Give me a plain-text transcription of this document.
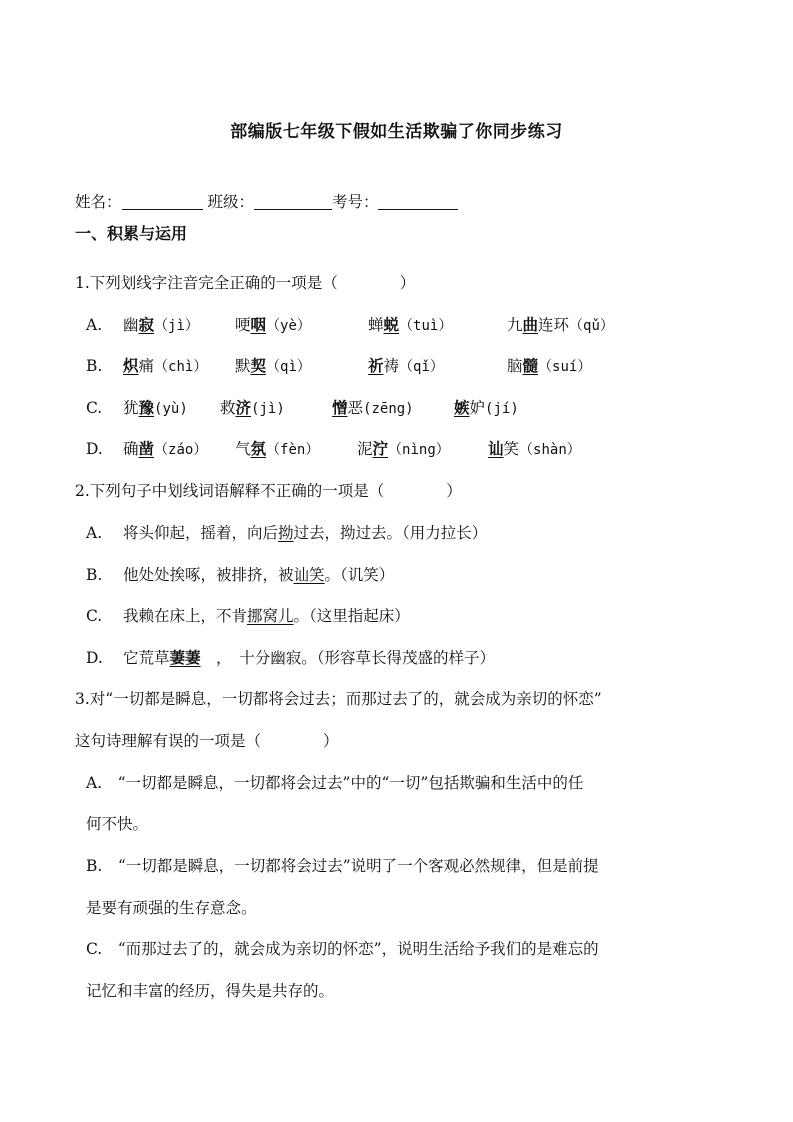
部编版七年级下假如生活欺骗了你同步练习
姓名：	班级：	考号：
一、积累与运用
1.下列划线字注音完全正确的一项是（　　　　）
A. 幽寂（jì） 哽咽（yè）	蝉蜕（tuì）	九曲连环（qǔ）
B. 炽痛（chì） 默契（qì）	祈祷（qǐ）	脑髓（suí）
C. 犹豫(yù) 救济(jì)	憎恶(zēng)	嫉妒(jí)
D. 确凿（záo） 气氛（fèn） 泥泞（nìng） 讪笑（shàn）
2.下列句子中划线词语解释不正确的一项是（　　　　）
A. 将头仰起，摇着，向后拗过去，拗过去。（用力拉长）
B. 他处处挨啄，被排挤，被讪笑。（讥笑）
C. 我赖在床上，不肯挪窝儿。（这里指起床）
D. 它荒草萋萋　，　十分幽寂。（形容草长得茂盛的样子）
3.对“一切都是瞬息，一切都将会过去；而那过去了的，就会成为亲切的怀恋”
这句诗理解有误的一项是（　　　　）
A.　“一切都是瞬息，一切都将会过去”中的“一切”包括欺骗和生活中的任
何不快。
B.　“一切都是瞬息，一切都将会过去”说明了一个客观必然规律，但是前提
是要有顽强的生存意念。
C.　“而那过去了的，就会成为亲切的怀恋”，说明生活给予我们的是难忘的
记忆和丰富的经历，得失是共存的。
